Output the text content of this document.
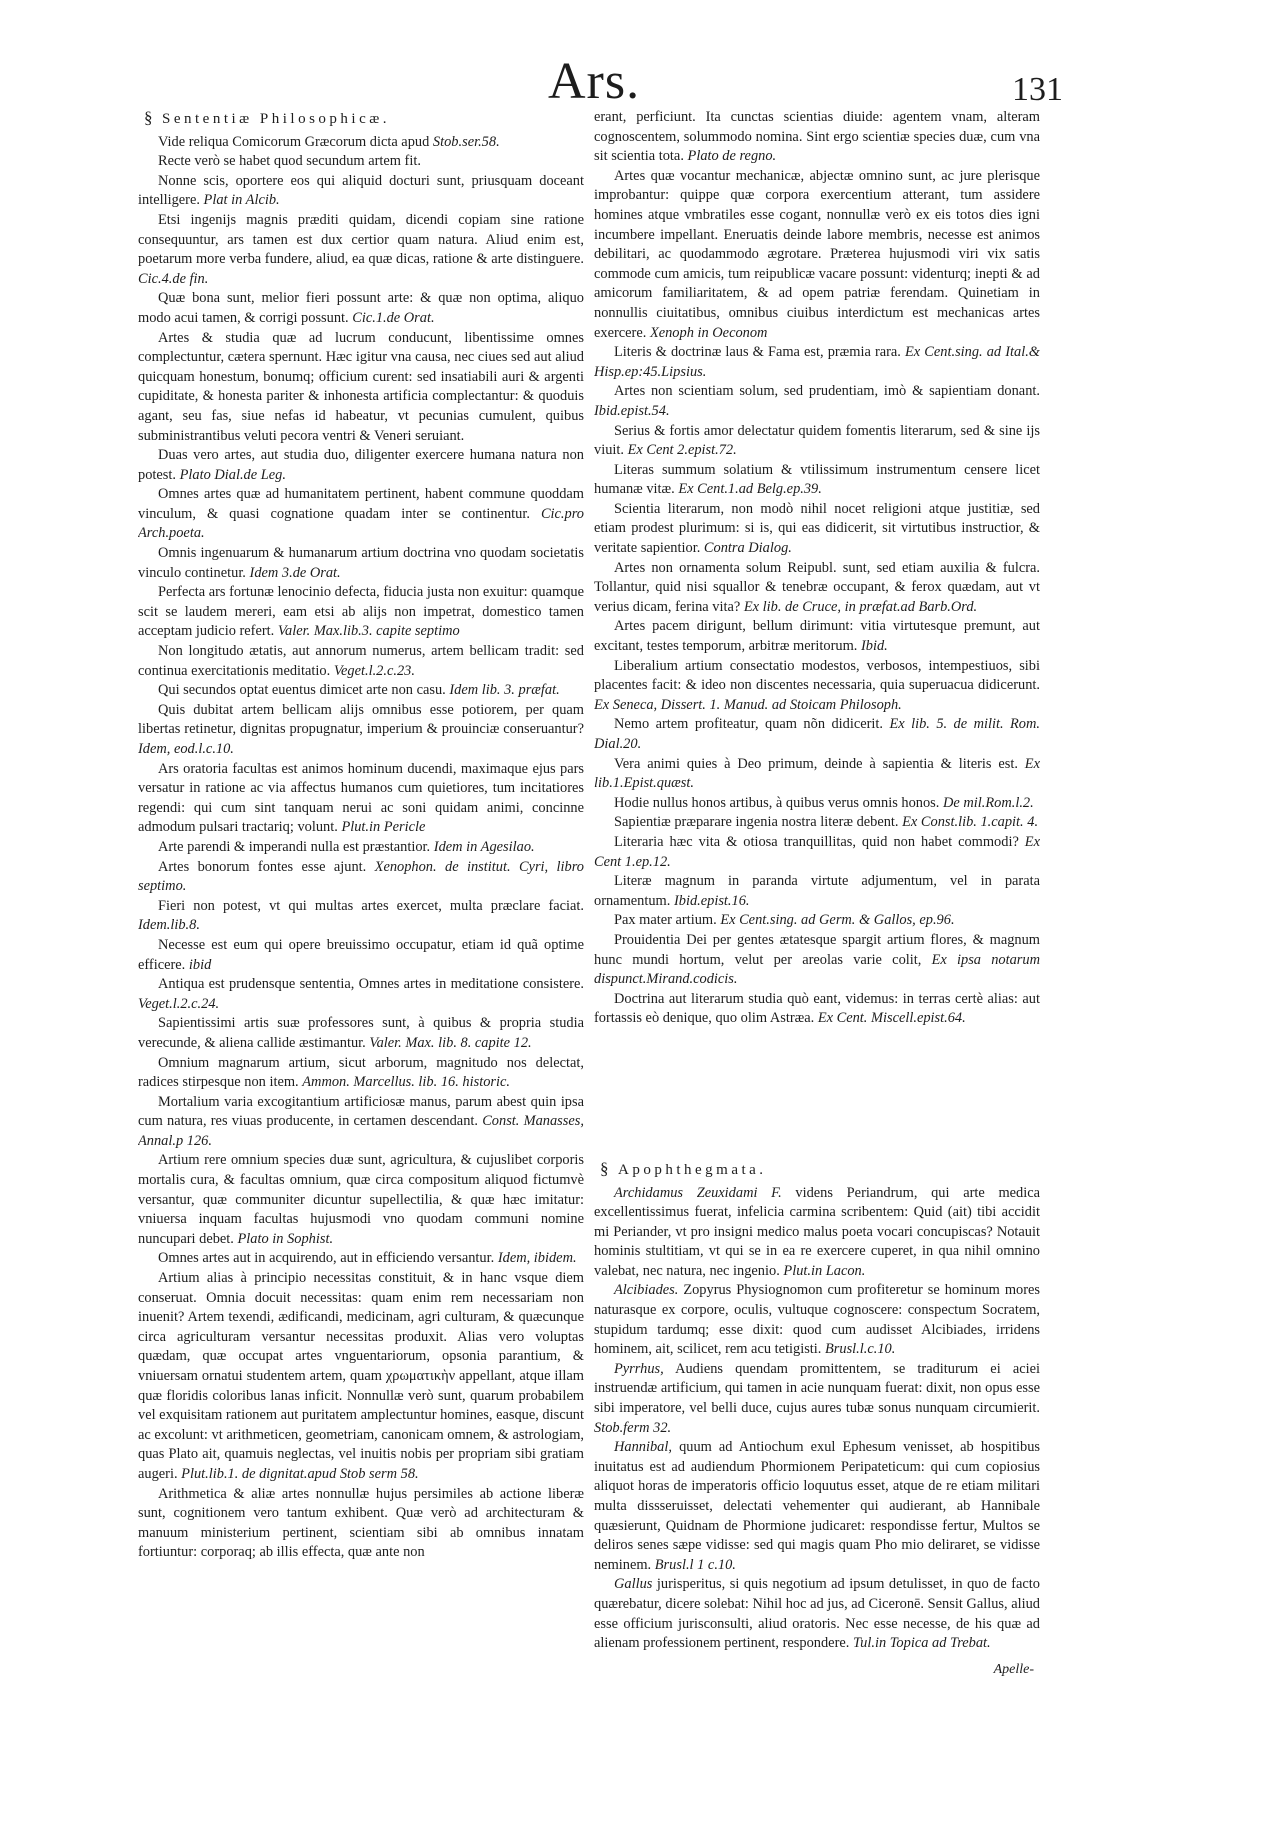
Ars.	131
§ Sententiæ Philosophicæ.

Vide reliqua Comicorum Græcorum dicta apud Stob.ser.58.

Recte verò se habet quod secundum artem fit.

Nonne scis, oportere eos qui aliquid docturi sunt, priusquam doceant intelligere. Plat in Alcib.

Etsi ingenijs magnis præditi quidam, dicendi copiam sine ratione consequuntur, ars tamen est dux certior quam natura. Aliud enim est, poetarum more verba fundere, aliud, ea quæ dicas, ratione & arte distinguere. Cic.4.de fin.

Quæ bona sunt, melior fieri possunt arte: & quæ non optima, aliquo modo acui tamen, & corrigi possunt. Cic.1.de Orat.

Artes & studia quæ ad lucrum conducunt, libentissime omnes complectuntur, cætera spernunt. Hæc igitur vna causa, nec ciues sed aut aliud quicquam honestum, bonumq; officium curent: sed insatiabili auri & argenti cupiditate, & honesta pariter & inhonesta artificia complectantur: & quoduis agant, seu fas, siue nefas id habeatur, vt pecunias cumulent, quibus subministrantibus veluti pecora ventri & Veneri seruiant.

Duas vero artes, aut studia duo, diligenter exercere humana natura non potest. Plato Dial.de Leg.

Omnes artes quæ ad humanitatem pertinent, habent commune quoddam vinculum, & quasi cognatione quadam inter se continentur. Cic.pro Arch.poeta.

Omnis ingenuarum & humanarum artium doctrina vno quodam societatis vinculo continetur. Idem 3.de Orat.

Perfecta ars fortunæ lenocinio defecta, fiducia justa non exuitur: quamque scit se laudem mereri, eam etsi ab alijs non impetrat, domestico tamen acceptam judicio refert. Valer. Max.lib.3. capite septimo

Non longitudo ætatis, aut annorum numerus, artem bellicam tradit: sed continua exercitationis meditatio. Veget.l.2.c.23.

Qui secundos optat euentus dimicet arte non casu. Idem lib. 3. præfat.

Quis dubitat artem bellicam alijs omnibus esse potiorem, per quam libertas retinetur, dignitas propugnatur, imperium & prouinciæ conseruantur? Idem, eod.l.c.10.

Ars oratoria facultas est animos hominum ducendi, maximaque ejus pars versatur in ratione ac via affectus humanos cum quietiores, tum incitatiores regendi: qui cum sint tanquam nerui ac soni quidam animi, concinne admodum pulsari tractariq; volunt. Plut.in Pericle

Arte parendi & imperandi nulla est præstantior. Idem in Agesilao.

Artes bonorum fontes esse ajunt. Xenophon. de institut. Cyri, libro septimo.

Fieri non potest, vt qui multas artes exercet, multa præclare faciat. Idem.lib.8.

Necesse est eum qui opere breuissimo occupatur, etiam id quã optime efficere. ibid

Antiqua est prudensque sententia, Omnes artes in meditatione consistere. Veget.l.2.c.24.

Sapientissimi artis suæ professores sunt, à quibus & propria studia verecunde, & aliena callide æstimantur. Valer. Max. lib. 8. capite 12.

Omnium magnarum artium, sicut arborum, magnitudo nos delectat, radices stirpesque non item. Ammon. Marcellus. lib. 16. historic.

Mortalium varia excogitantium artificiosæ manus, parum abest quin ipsa cum natura, res viuas producente, in certamen descendant. Const. Manasses, Annal.p 126.

Artium rere omnium species duæ sunt, agricultura, & cujuslibet corporis mortalis cura, & facultas omnium, quæ circa compositum aliquod fictumvè versantur, quæ communiter dicuntur supellectilia, & quæ hæc imitatur: vniuersa inquam facultas hujusmodi vno quodam communi nomine nuncupari debet. Plato in Sophist.

Omnes artes aut in acquirendo, aut in efficiendo versantur. Idem, ibidem.

Artium alias à principio necessitas constituit, & in hanc vsque diem conseruat. Omnia docuit necessitas: quam enim rem necessariam non inuenit? Artem texendi, ædificandi, medicinam, agri culturam, & quæcunque circa agriculturam versantur necessitas produxit. Alias vero voluptas quædam, quæ occupat artes vnguentariorum, opsonia parantium, & vniuersam ornatui studentem artem, quam χρωματικὴν appellant, atque illam quæ floridis coloribus lanas inficit. Nonnullæ verò sunt, quarum probabilem vel exquisitam rationem aut puritatem amplectuntur homines, easque, discunt ac excolunt: vt arithmeticen, geometriam, canonicam omnem, & astrologiam, quas Plato ait, quamuis neglectas, vel inuitis nobis per propriam sibi gratiam augeri. Plut.lib.1. de dignitat.apud Stob serm 58.

Arithmetica & aliæ artes nonnullæ hujus persimiles ab actione liberæ sunt, cognitionem vero tantum exhibent. Quæ verò ad architecturam & manuum ministerium pertinent, scientiam sibi ab omnibus innatam fortiuntur: corporaq; ab illis effecta, quæ ante non

erant, perficiunt. Ita cunctas scientias diuide: agentem vnam, alteram cognoscentem, solummodo nomina. Sint ergo scientiæ species duæ, cum vna sit scientia tota. Plato de regno.

Artes quæ vocantur mechanicæ, abjectæ omnino sunt, ac jure plerisque improbantur: quippe quæ corpora exercentium atterant, tum assidere homines atque vmbratiles esse cogant, nonnullæ verò ex eis totos dies igni incumbere impellant. Eneruatis deinde labore membris, necesse est animos debilitari, ac quodammodo ægrotare. Præterea hujusmodi viri vix satis commode cum amicis, tum reipublicæ vacare possunt: videnturq; inepti & ad amicorum familiaritatem, & ad opem patriæ ferendam. Quinetiam in nonnullis ciuitatibus, omnibus ciuibus interdictum est mechanicas artes exercere. Xenoph in Oeconom

Literis & doctrinæ laus & Fama est, præmia rara. Ex Cent.sing. ad Ital.& Hisp.ep:45.Lipsius.

Artes non scientiam solum, sed prudentiam, imò & sapientiam donant. Ibid.epist.54.

Serius & fortis amor delectatur quidem fomentis literarum, sed & sine ijs viuit. Ex Cent 2.epist.72.

Literas summum solatium & vtilissimum instrumentum censere licet humanæ vitæ. Ex Cent.1.ad Belg.ep.39.

Scientia literarum, non modò nihil nocet religioni atque justitiæ, sed etiam prodest plurimum: si is, qui eas didicerit, sit virtutibus instructior, & veritate sapientior. Contra Dialog.

Artes non ornamenta solum Reipubl. sunt, sed etiam auxilia & fulcra. Tollantur, quid nisi squallor & tenebræ occupant, & ferox quædam, aut vt verius dicam, ferina vita? Ex lib. de Cruce, in præfat.ad Barb.Ord.

Artes pacem dirigunt, bellum dirimunt: vitia virtutesque premunt, aut excitant, testes temporum, arbitræ meritorum. Ibid.

Liberalium artium consectatio modestos, verbosos, intempestiuos, sibi placentes facit: & ideo non discentes necessaria, quia superuacua didicerunt. Ex Seneca, Dissert. 1. Manud. ad Stoicam Philosoph.

Nemo artem profiteatur, quam nõn didicerit. Ex lib. 5. de milit. Rom. Dial.20.

Vera animi quies à Deo primum, deinde à sapientia & literis est. Ex lib.1.Epist.quæst.

Hodie nullus honos artibus, à quibus verus omnis honos. De mil.Rom.l.2.

Sapientiæ præparare ingenia nostra literæ debent. Ex Const.lib. 1.capit. 4.

Literaria hæc vita & otiosa tranquillitas, quid non habet commodi? Ex Cent 1.ep.12.

Literæ magnum in paranda virtute adjumentum, vel in parata ornamentum. Ibid.epist.16.

Pax mater artium. Ex Cent.sing. ad Germ. & Gallos, ep.96.

Prouidentia Dei per gentes ætatesque spargit artium flores, & magnum hunc mundi hortum, velut per areolas varie colit, Ex ipsa notarum dispunct.Mirand.codicis.

Doctrina aut literarum studia quò eant, videmus: in terras certè alias: aut fortassis eò denique, quo olim Astræa. Ex Cent. Miscell.epist.64.

§ Apophthegmata.

Archidamus Zeuxidami F. videns Periandrum, qui arte medica excellentissimus fuerat, infelicia carmina scribentem: Quid (ait) tibi accidit mi Periander, vt pro insigni medico malus poeta vocari concupiscas? Notauit hominis stultitiam, vt qui se in ea re exercere cuperet, in qua nihil omnino valebat, nec natura, nec ingenio. Plut.in Lacon.

Alcibiades. Zopyrus Physiognomon cum profiteretur se hominum mores naturasque ex corpore, oculis, vultuque cognoscere: conspectum Socratem, stupidum tardumq; esse dixit: quod cum audisset Alcibiades, irridens hominem, ait, scilicet, rem acu tetigisti. Brusl.l.c.10.

Pyrrhus, Audiens quendam promittentem, se traditurum ei aciei instruendæ artificium, qui tamen in acie nunquam fuerat: dixit, non opus esse sibi imperatore, vel belli duce, cujus aures tubæ sonus nunquam circumierit. Stob.ferm 32.

Hannibal, quum ad Antiochum exul Ephesum venisset, ab hospitibus inuitatus est ad audiendum Phormionem Peripateticum: qui cum copiosius aliquot horas de imperatoris officio loquutus esset, atque de re etiam militari multa dissseruisset, delectati vehementer qui audierant, ab Hannibale quæsierunt, Quidnam de Phormione judicaret: respondisse fertur, Multos se deliros senes sæpe vidisse: sed qui magis quam Pho mio deliraret, se vidisse neminem. Brusl.l 1 c.10.

Gallus jurisperitus, si quis negotium ad ipsum detulisset, in quo de facto quærebatur, dicere solebat: Nihil hoc ad jus, ad Ciceronē. Sensit Gallus, aliud esse officium jurisconsulti, aliud oratoris. Nec esse necesse, de his quæ ad alienam professionem pertinent, respondere. Tul.in Topica ad Trebat.

Apelle-
